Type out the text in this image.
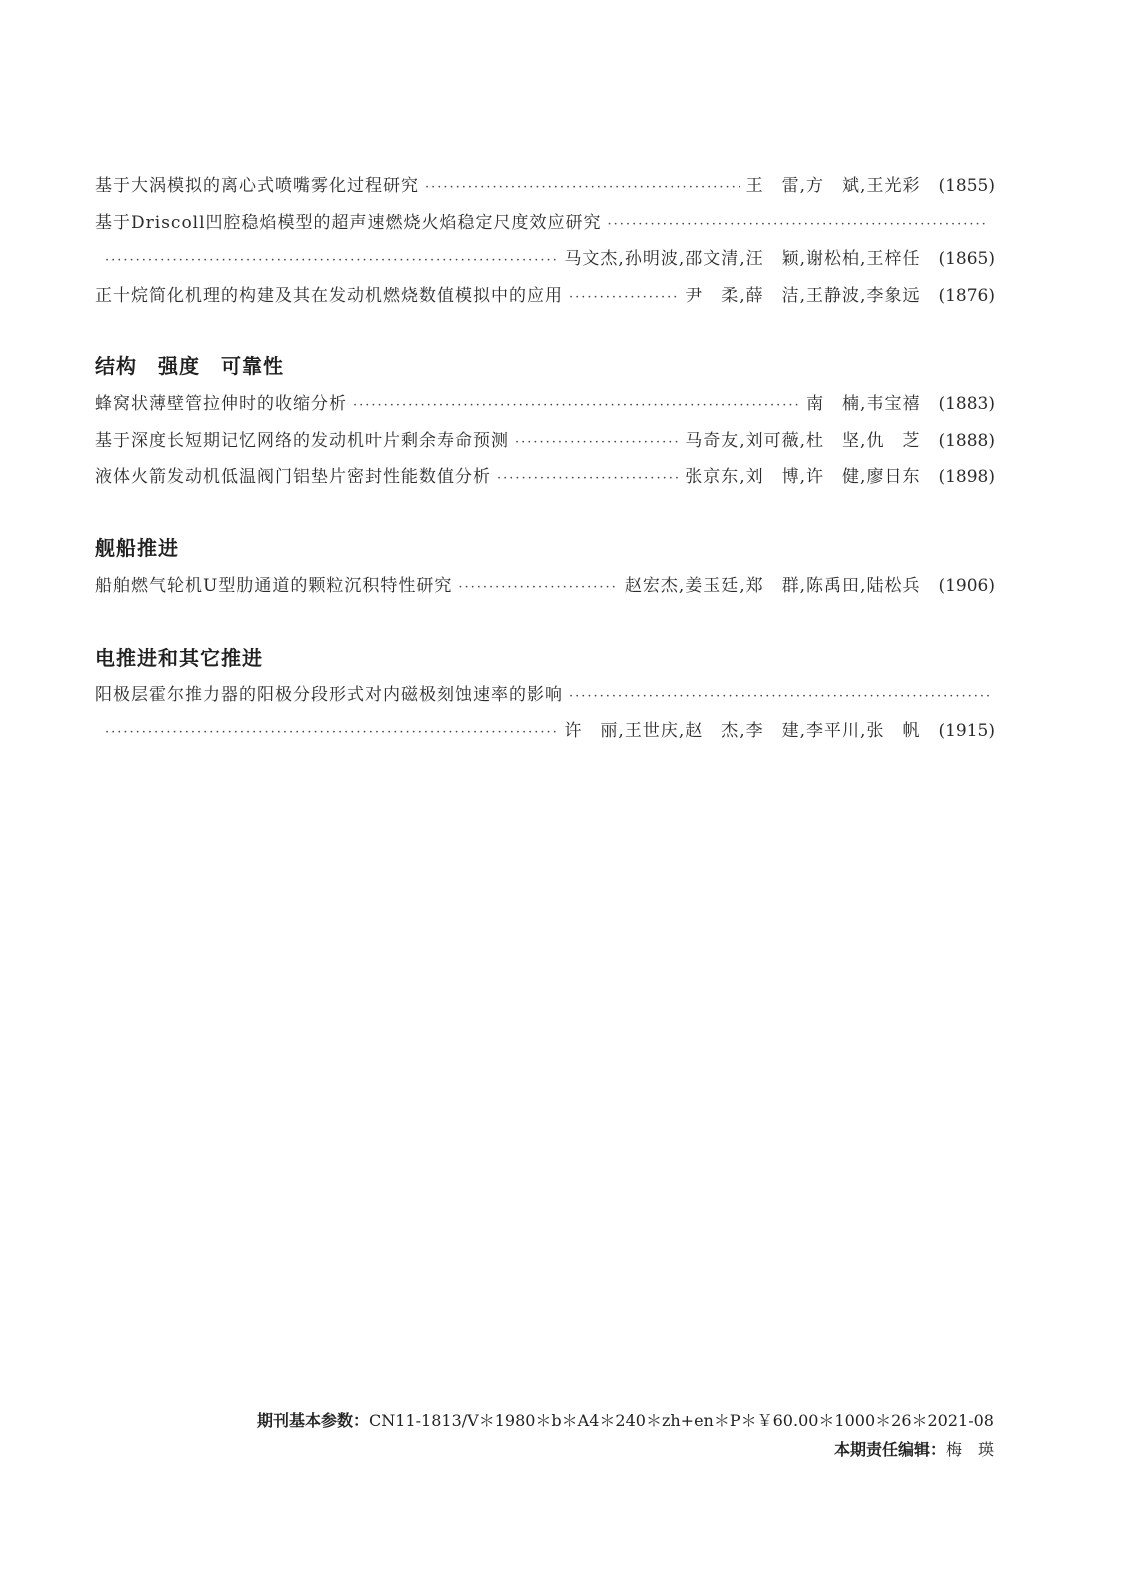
基于大涡模拟的离心式喷嘴雾化过程研究 ·····	王　雷,方　斌,王光彩 (1855)
基于Driscoll凹腔稳焰模型的超声速燃烧火焰稳定尺度效应研究
·····
·····
马文杰,孙明波,邵文清,汪　颖,谢松柏,王梓任 (1865)
正十烷简化机理的构建及其在发动机燃烧数值模拟中的应用 ·····	尹　柔,薛　洁,王静波,李象远 (1876)
结构　强度　可靠性
蜂窝状薄壁管拉伸时的收缩分析 ·····	南　楠,韦宝禧 (1883)
基于深度长短期记忆网络的发动机叶片剩余寿命预测 ·····	马奇友,刘可薇,杜　坚,仇　芝 (1888)
液体火箭发动机低温阀门铝垫片密封性能数值分析 ·····	张京东,刘　博,许　健,廖日东 (1898)
舰船推进
船舶燃气轮机U型肋通道的颗粒沉积特性研究 ·····	赵宏杰,姜玉廷,郑　群,陈禹田,陆松兵 (1906)
电推进和其它推进
阳极层霍尔推力器的阳极分段形式对内磁极刻蚀速率的影响
·····
·····
许　丽,王世庆,赵　杰,李　建,李平川,张　帆 (1915)
期刊基本参数：CN11-1813/V＊1980＊b＊A4＊240＊zh+en＊P＊￥60.00＊1000＊26＊2021-08
本期责任编辑：梅　瑛
